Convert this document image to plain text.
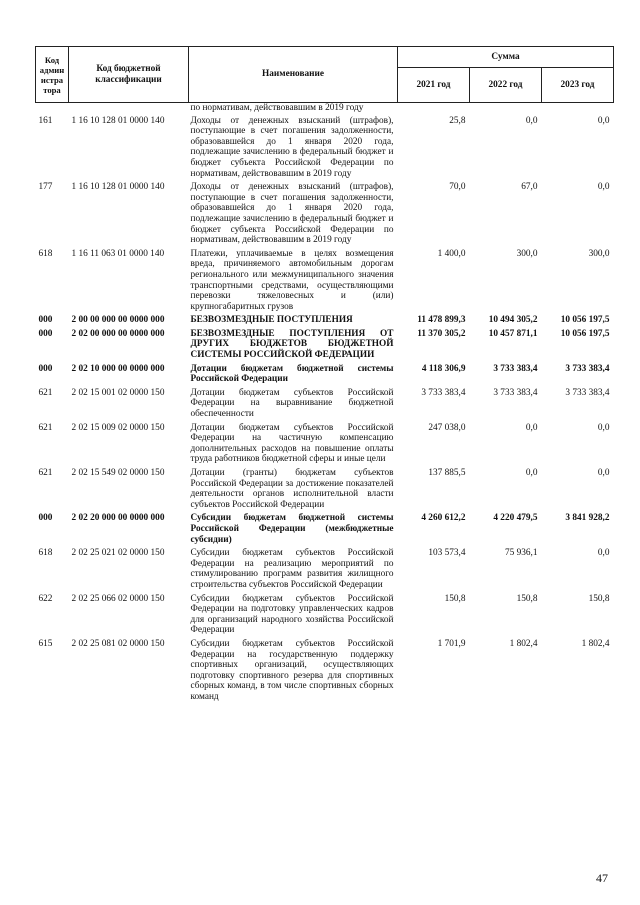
Код админ истра тора	Код бюджетной классификации	Наименование	Сумма		
			2021 год	2022 год	2023 год
		по нормативам, действовавшим в 2019 году			
161	1 16 10 128 01 0000 140	Доходы от денежных взысканий (штрафов), поступающие в счет погашения задолженности, образовавшейся до 1 января 2020 года, подлежащие зачислению в федеральный бюджет и бюджет субъекта Российской Федерации по нормативам, действовавшим в 2019 году	25,8	0,0	0,0
177	1 16 10 128 01 0000 140	Доходы от денежных взысканий (штрафов), поступающие в счет погашения задолженности, образовавшейся до 1 января 2020 года, подлежащие зачислению в федеральный бюджет и бюджет субъекта Российской Федерации по нормативам, действовавшим в 2019 году	70,0	67,0	0,0
618	1 16 11 063 01 0000 140	Платежи, уплачиваемые в целях возмещения вреда, причиняемого автомобильным дорогам регионального или межмуниципального значения транспортными средствами, осуществляющими перевозки тяжеловесных и (или) крупногабаритных грузов	1 400,0	300,0	300,0
000	2 00 00 000 00 0000 000	БЕЗВОЗМЕЗДНЫЕ ПОСТУПЛЕНИЯ	11 478 899,3	10 494 305,2	10 056 197,5
000	2 02 00 000 00 0000 000	БЕЗВОЗМЕЗДНЫЕ ПОСТУПЛЕНИЯ ОТ ДРУГИХ БЮДЖЕТОВ БЮДЖЕТНОЙ СИСТЕМЫ РОССИЙСКОЙ ФЕДЕРАЦИИ	11 370 305,2	10 457 871,1	10 056 197,5
000	2 02 10 000 00 0000 000	Дотации бюджетам бюджетной системы Российской Федерации	4 118 306,9	3 733 383,4	3 733 383,4
621	2 02 15 001 02 0000 150	Дотации бюджетам субъектов Российской Федерации на выравнивание бюджетной обеспеченности	3 733 383,4	3 733 383,4	3 733 383,4
621	2 02 15 009 02 0000 150	Дотации бюджетам субъектов Российской Федерации на частичную компенсацию дополнительных расходов на повышение оплаты труда работников бюджетной сферы и иные цели	247 038,0	0,0	0,0
621	2 02 15 549 02 0000 150	Дотации (гранты) бюджетам субъектов Российской Федерации за достижение показателей деятельности органов исполнительной власти субъектов Российской Федерации	137 885,5	0,0	0,0
000	2 02 20 000 00 0000 000	Субсидии бюджетам бюджетной системы Российской Федерации (межбюджетные субсидии)	4 260 612,2	4 220 479,5	3 841 928,2
618	2 02 25 021 02 0000 150	Субсидии бюджетам субъектов Российской Федерации на реализацию мероприятий по стимулированию программ развития жилищного строительства субъектов Российской Федерации	103 573,4	75 936,1	0,0
622	2 02 25 066 02 0000 150	Субсидии бюджетам субъектов Российской Федерации на подготовку управленческих кадров для организаций народного хозяйства Российской Федерации	150,8	150,8	150,8
615	2 02 25 081 02 0000 150	Субсидии бюджетам субъектов Российской Федерации на государственную поддержку спортивных организаций, осуществляющих подготовку спортивного резерва для спортивных сборных команд, в том числе спортивных сборных команд	1 701,9	1 802,4	1 802,4
47
